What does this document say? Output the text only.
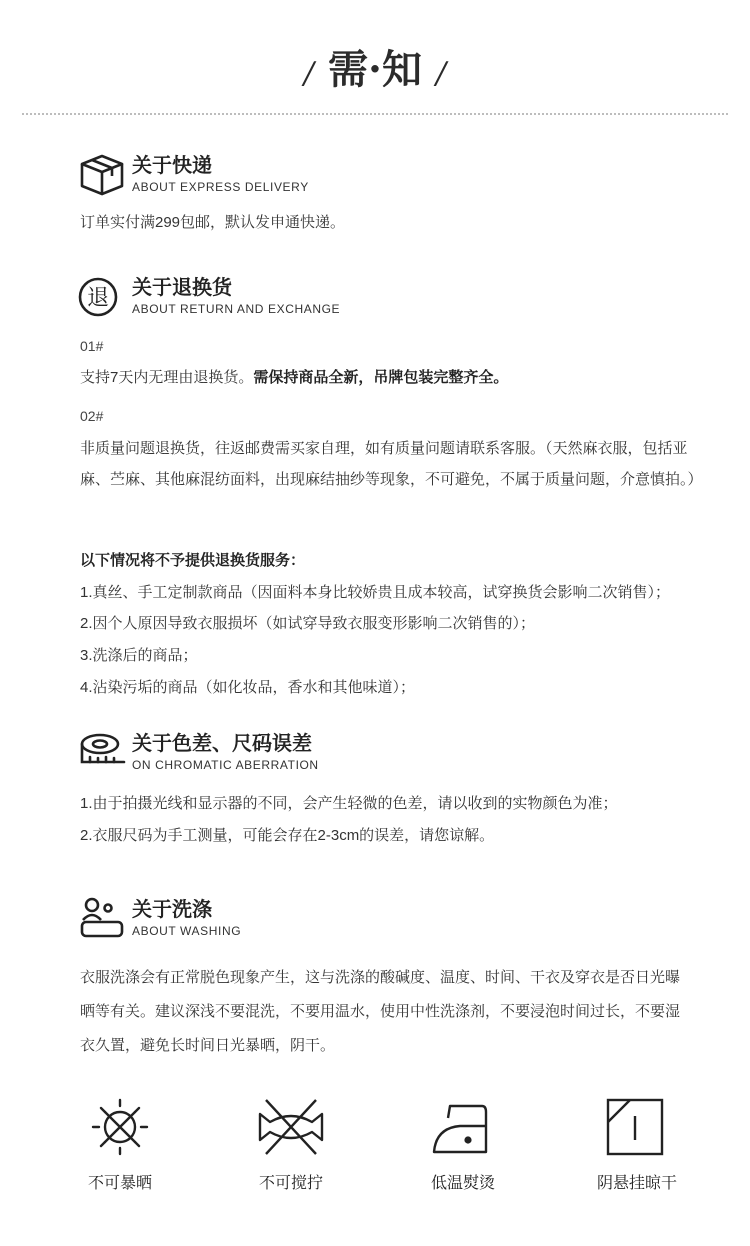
/ 需·知 /
关于快递
ABOUT EXPRESS DELIVERY
订单实付满299包邮，默认发申通快递。
退 关于退换货
ABOUT RETURN AND EXCHANGE
01#
支持7天内无理由退换货。需保持商品全新，吊牌包装完整齐全。
02#
非质量问题退换货，往返邮费需买家自理，如有质量问题请联系客服。（天然麻衣服，包括亚麻、苎麻、其他麻混纺面料，出现麻结抽纱等现象，不可避免，不属于质量问题，介意慎拍。）
以下情况将不予提供退换货服务：
1.真丝、手工定制款商品（因面料本身比较娇贵且成本较高，试穿换货会影响二次销售）；
2.因个人原因导致衣服损坏（如试穿导致衣服变形影响二次销售的）；
3.洗涤后的商品；
4.沾染污垢的商品（如化妆品，香水和其他味道）；
关于色差、尺码误差
ON CHROMATIC ABERRATION
1.由于拍摄光线和显示器的不同，会产生轻微的色差，请以收到的实物颜色为准；
2.衣服尺码为手工测量，可能会存在2-3cm的误差，请您谅解。
关于洗涤
ABOUT WASHING
衣服洗涤会有正常脱色现象产生，这与洗涤的酸碱度、温度、时间、干衣及穿衣是否日光曝晒等有关。建议深浅不要混洗，不要用温水，使用中性洗涤剂，不要浸泡时间过长，不要湿衣久置，避免长时间日光暴晒，阴干。
不可暴晒	不可搅拧	低温熨烫	阴悬挂晾干
